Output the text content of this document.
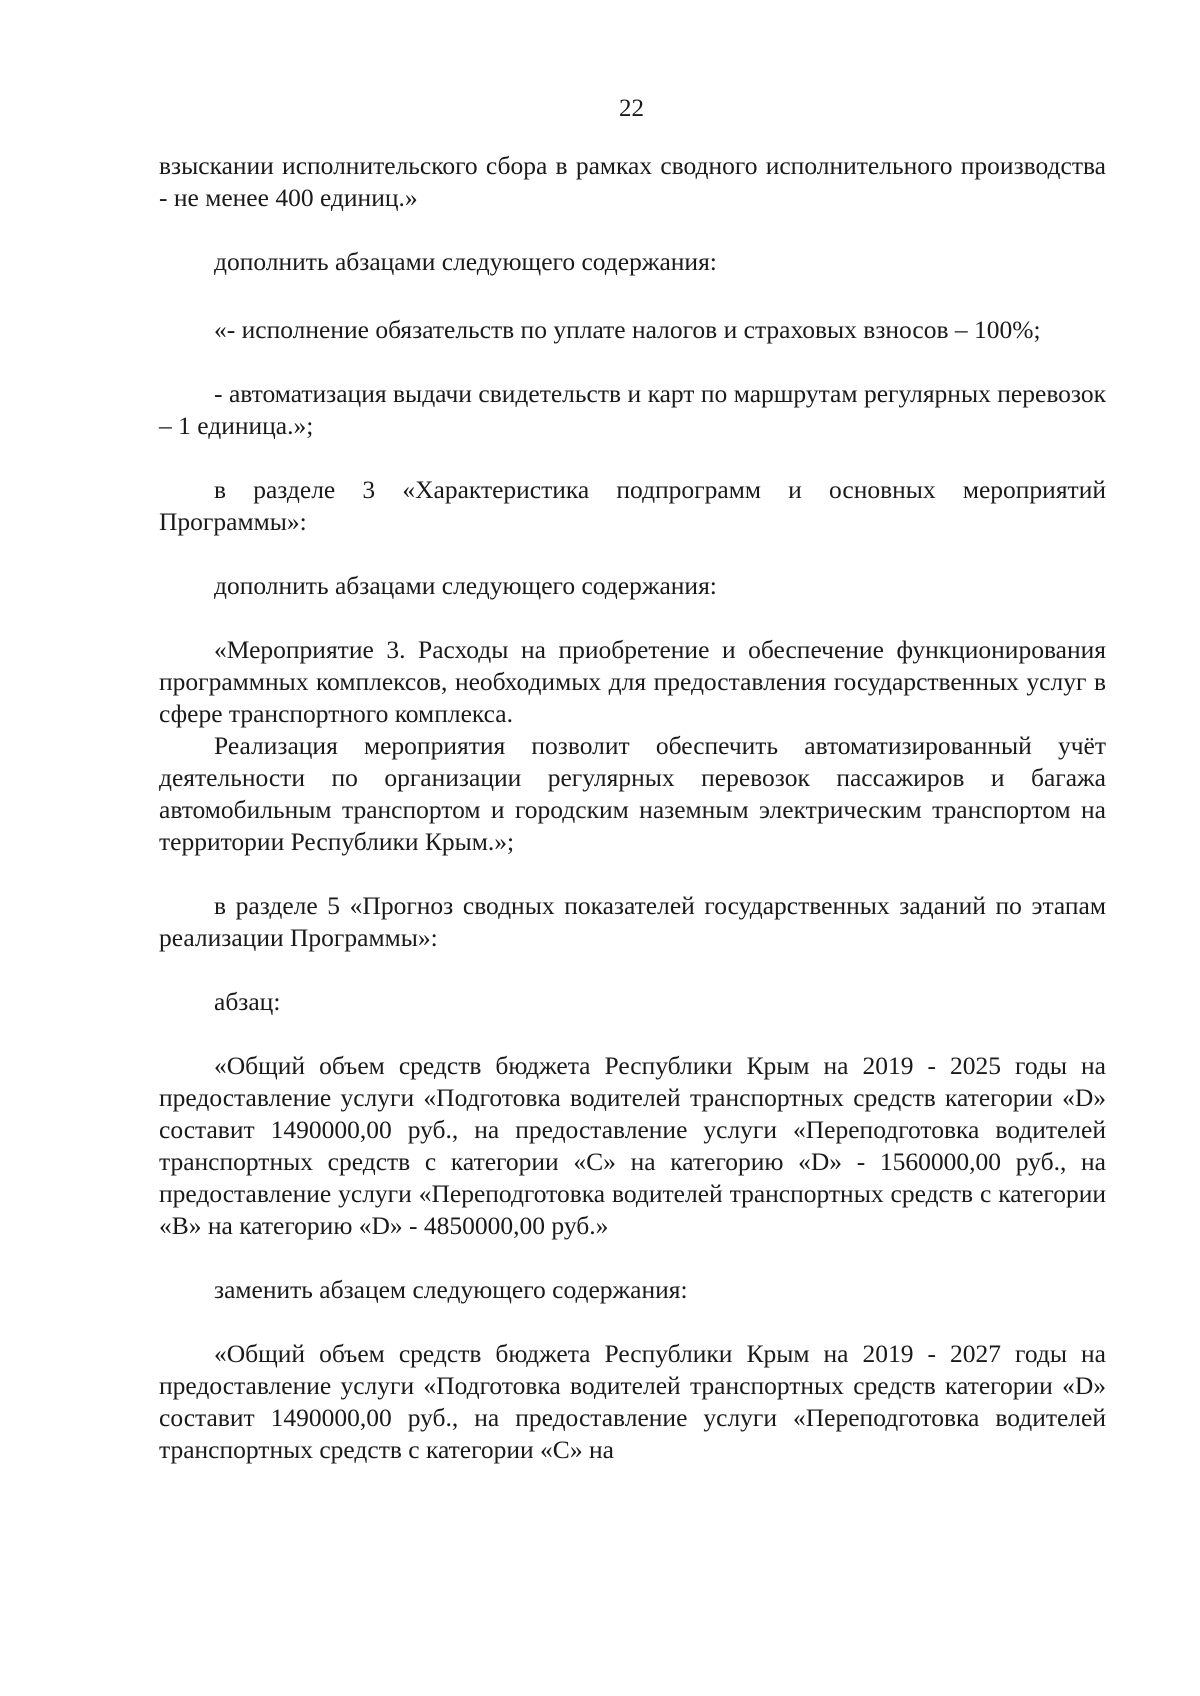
22

взыскании исполнительского сбора в рамках сводного исполнительного производства - не менее 400 единиц.»

дополнить абзацами следующего содержания:

«- исполнение обязательств по уплате налогов и страховых взносов – 100%;

- автоматизация выдачи свидетельств и карт по маршрутам регулярных перевозок – 1 единица.»;

в разделе 3 «Характеристика подпрограмм и основных мероприятий Программы»:

дополнить абзацами следующего содержания:

«Мероприятие 3. Расходы на приобретение и обеспечение функционирования программных комплексов, необходимых для предоставления государственных услуг в сфере транспортного комплекса.

Реализация мероприятия позволит обеспечить автоматизированный учёт деятельности по организации регулярных перевозок пассажиров и багажа автомобильным транспортом и городским наземным электрическим транспортом на территории Республики Крым.»;

в разделе 5 «Прогноз сводных показателей государственных заданий по этапам реализации Программы»:

абзац:

«Общий объем средств бюджета Республики Крым на 2019 - 2025 годы на предоставление услуги «Подготовка водителей транспортных средств категории «D» составит 1490000,00 руб., на предоставление услуги «Переподготовка водителей транспортных средств с категории «С» на категорию «D» - 1560000,00 руб., на предоставление услуги «Переподготовка водителей транспортных средств с категории «В» на категорию «D» - 4850000,00 руб.»

заменить абзацем следующего содержания:

«Общий объем средств бюджета Республики Крым на 2019 - 2027 годы на предоставление услуги «Подготовка водителей транспортных средств категории «D» составит 1490000,00 руб., на предоставление услуги «Переподготовка водителей транспортных средств с категории «С» на
